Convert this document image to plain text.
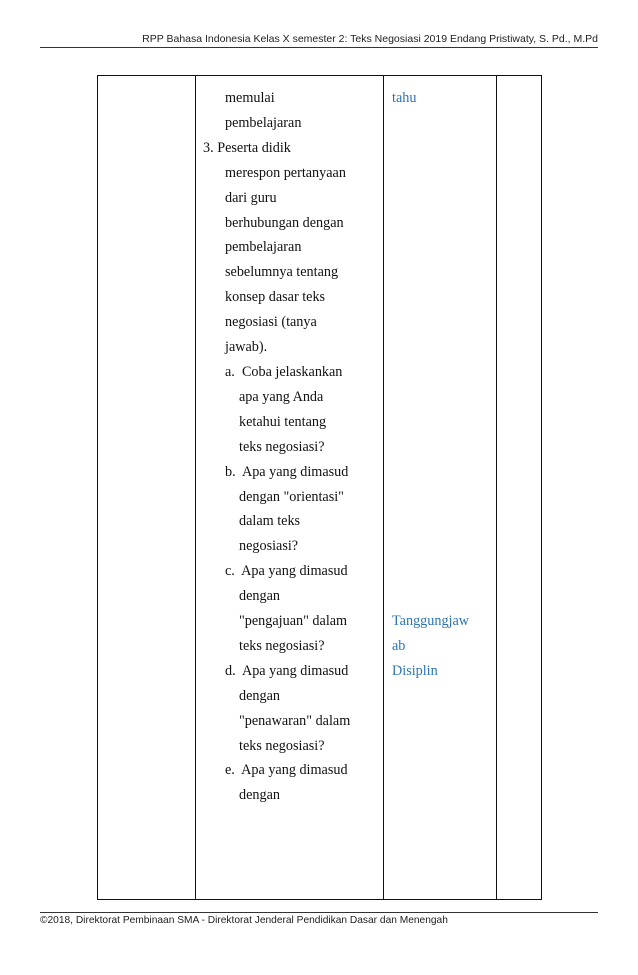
RPP Bahasa Indonesia Kelas X semester 2: Teks Negosiasi 2019 Endang Pristiwaty, S. Pd., M.Pd
memulai
pembelajaran
3. Peserta didik
merespon pertanyaan
dari guru
berhubungan dengan
pembelajaran
sebelumnya tentang
konsep dasar teks
negosiasi (tanya
jawab).
a.  Coba jelaskankan
apa yang Anda
ketahui tentang
teks negosiasi?
b.  Apa yang dimasud
dengan "orientasi"
dalam teks
negosiasi?
c.  Apa yang dimasud
dengan
"pengajuan" dalam
teks negosiasi?
d.  Apa yang dimasud
dengan
"penawaran" dalam
teks negosiasi?
e.  Apa yang dimasud
dengan
tahu
Tanggungjaw
ab
Disiplin
©2018, Direktorat Pembinaan SMA - Direktorat Jenderal Pendidikan Dasar dan Menengah
